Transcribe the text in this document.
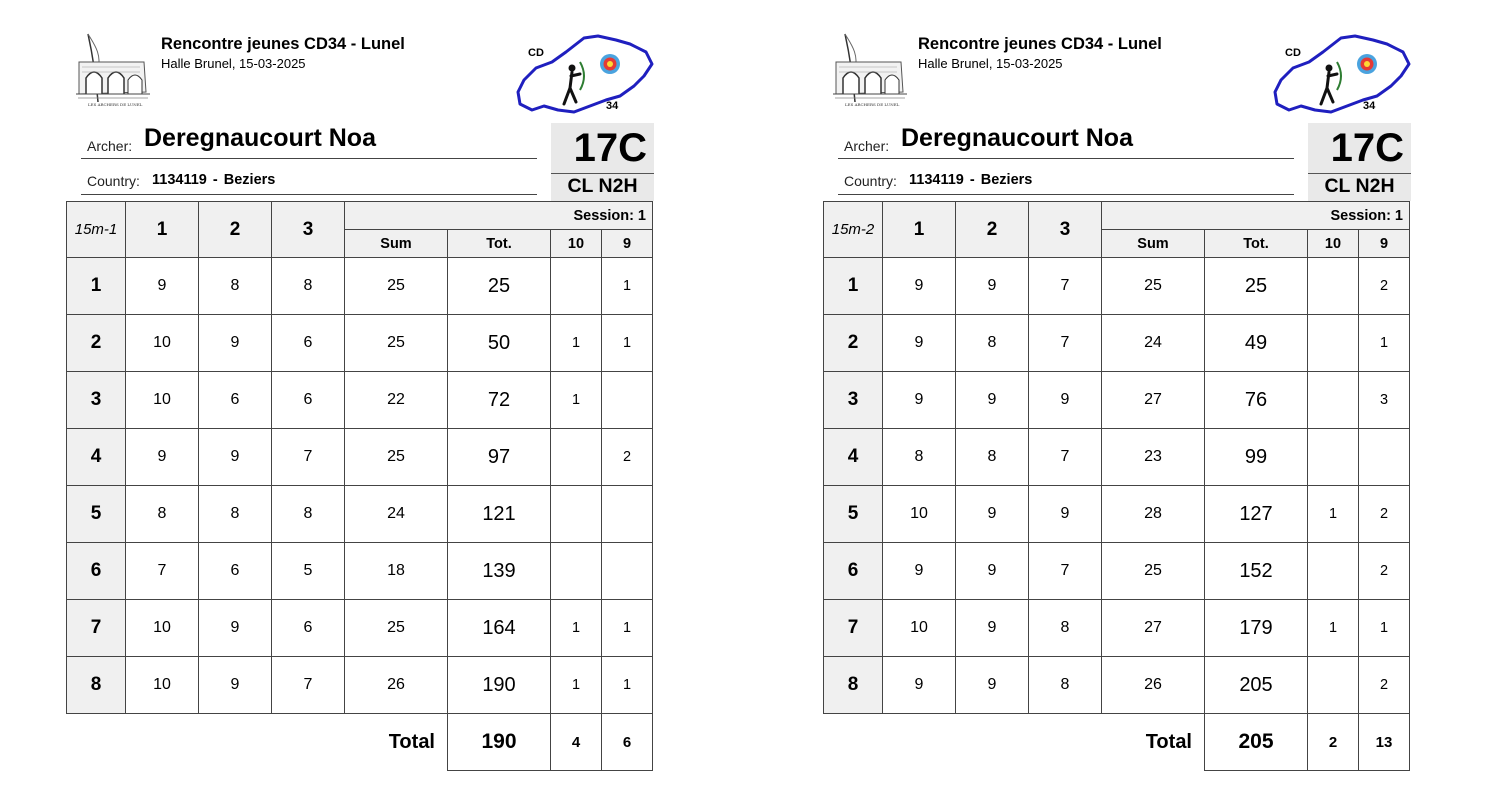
LES ARCHERS DE LUNEL
Rencontre jeunes CD34 - Lunel
Halle Brunel, 15-03-2025
CD
34
Archer: Deregnaucourt Noa
Country: 1134119 - Beziers
17C
CL N2H
15m-1	1	2	3	Session: 1			
				Sum	Tot.	10	9
1	9	8	8	25	25		1
2	10	9	6	25	50	1	1
3	10	6	6	22	72	1	
4	9	9	7	25	97		2
5	8	8	8	24	121		
6	7	6	5	18	139		
7	10	9	6	25	164	1	1
8	10	9	7	26	190	1	1
				Total	190	4	6
LES ARCHERS DE LUNEL
Rencontre jeunes CD34 - Lunel
Halle Brunel, 15-03-2025
CD
34
Archer: Deregnaucourt Noa
Country: 1134119 - Beziers
17C
CL N2H
15m-2	1	2	3	Session: 1			
				Sum	Tot.	10	9
1	9	9	7	25	25		2
2	9	8	7	24	49		1
3	9	9	9	27	76		3
4	8	8	7	23	99		
5	10	9	9	28	127	1	2
6	9	9	7	25	152		2
7	10	9	8	27	179	1	1
8	9	9	8	26	205		2
				Total	205	2	13
